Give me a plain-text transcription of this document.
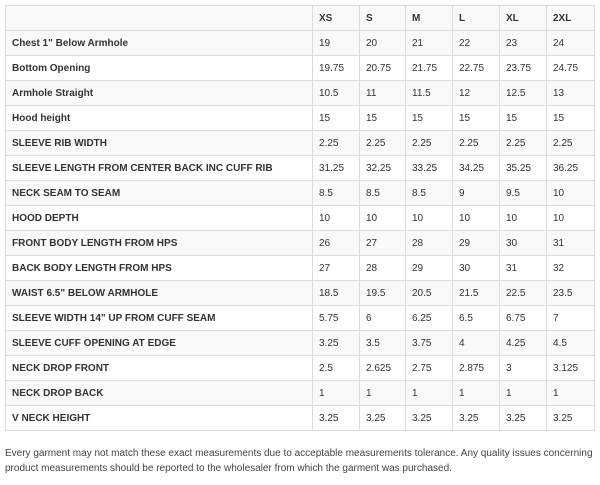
	XS	S	M	L	XL	2XL
Chest 1" Below Armhole	19	20	21	22	23	24
Bottom Opening	19.75	20.75	21.75	22.75	23.75	24.75
Armhole Straight	10.5	11	11.5	12	12.5	13
Hood height	15	15	15	15	15	15
SLEEVE RIB WIDTH	2.25	2.25	2.25	2.25	2.25	2.25
SLEEVE LENGTH FROM CENTER BACK INC CUFF RIB	31.25	32.25	33.25	34.25	35.25	36.25
NECK SEAM TO SEAM	8.5	8.5	8.5	9	9.5	10
HOOD DEPTH	10	10	10	10	10	10
FRONT BODY LENGTH FROM HPS	26	27	28	29	30	31
BACK BODY LENGTH FROM HPS	27	28	29	30	31	32
WAIST 6.5" BELOW ARMHOLE	18.5	19.5	20.5	21.5	22.5	23.5
SLEEVE WIDTH 14" UP FROM CUFF SEAM	5.75	6	6.25	6.5	6.75	7
SLEEVE CUFF OPENING AT EDGE	3.25	3.5	3.75	4	4.25	4.5
NECK DROP FRONT	2.5	2.625	2.75	2.875	3	3.125
NECK DROP BACK	1	1	1	1	1	1
V NECK HEIGHT	3.25	3.25	3.25	3.25	3.25	3.25

Every garment may not match these exact measurements due to acceptable measurements tolerance. Any quality issues concerning product measurements should be reported to the wholesaler from which the garment was purchased.
